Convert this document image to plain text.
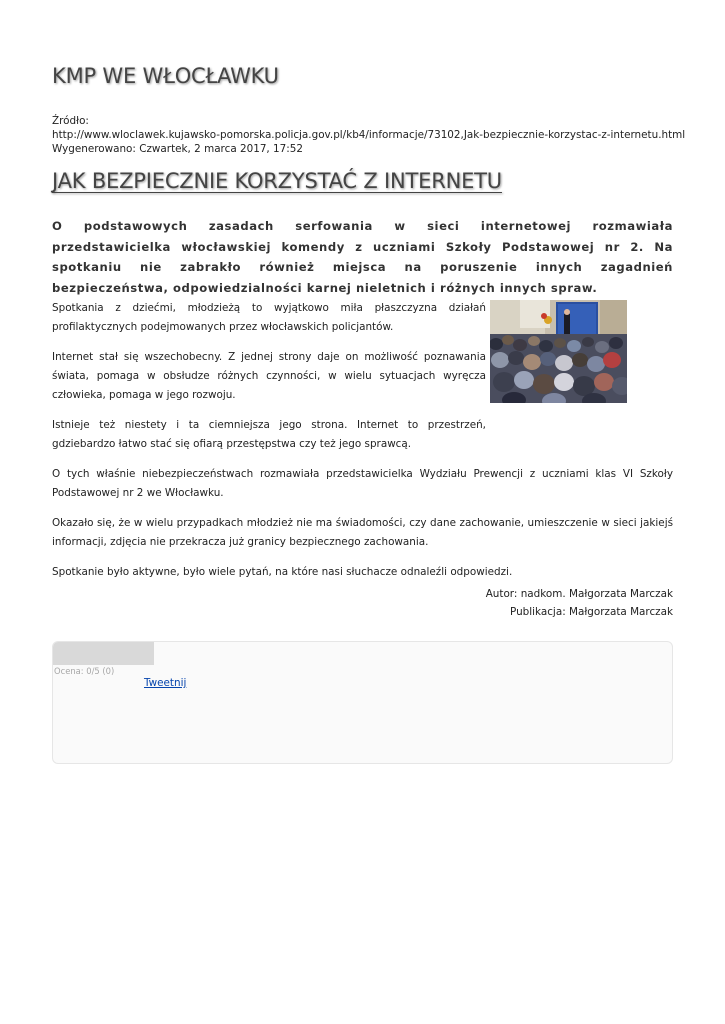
KMP WE WŁOCŁAWKU
Źródło:
http://www.wloclawek.kujawsko-pomorska.policja.gov.pl/kb4/informacje/73102,Jak-bezpiecznie-korzystac-z-internetu.html
Wygenerowano: Czwartek, 2 marca 2017, 17:52
JAK BEZPIECZNIE KORZYSTAĆ Z INTERNETU

O podstawowych zasadach serfowania w sieci internetowej rozmawiała przedstawicielka włocławskiej komendy z uczniami Szkoły Podstawowej nr 2. Na spotkaniu nie zabrakło również miejsca na poruszenie innych zagadnień bezpieczeństwa, odpowiedzialności karnej nieletnich i różnych innych spraw.

Spotkania z dziećmi, młodzieżą to wyjątkowo miła płaszczyzna działań profilaktycznych podejmowanych przez włocławskich policjantów.

Internet stał się wszechobecny. Z jednej strony daje on możliwość poznawania świata, pomaga w obsłudze różnych czynności, w wielu sytuacjach wyręcza człowieka, pomaga w jego rozwoju.

Istnieje też niestety i ta ciemniejsza jego strona. Internet to przestrzeń, gdziebardzo łatwo stać się ofiarą przestępstwa czy też jego sprawcą.

O tych właśnie niebezpieczeństwach rozmawiała przedstawicielka Wydziału Prewencji z uczniami klas VI Szkoły Podstawowej nr 2 we Włocławku.

Okazało się, że w wielu przypadkach młodzież nie ma świadomości, czy dane zachowanie, umieszczenie w sieci jakiejś informacji, zdjęcia nie przekracza już granicy bezpiecznego zachowania.

Spotkanie było aktywne, było wiele pytań, na które nasi słuchacze odnaleźli odpowiedzi.

Autor: nadkom. Małgorzata Marczak
Publikacja: Małgorzata Marczak
Ocena: 0/5 (0)
Tweetnij
